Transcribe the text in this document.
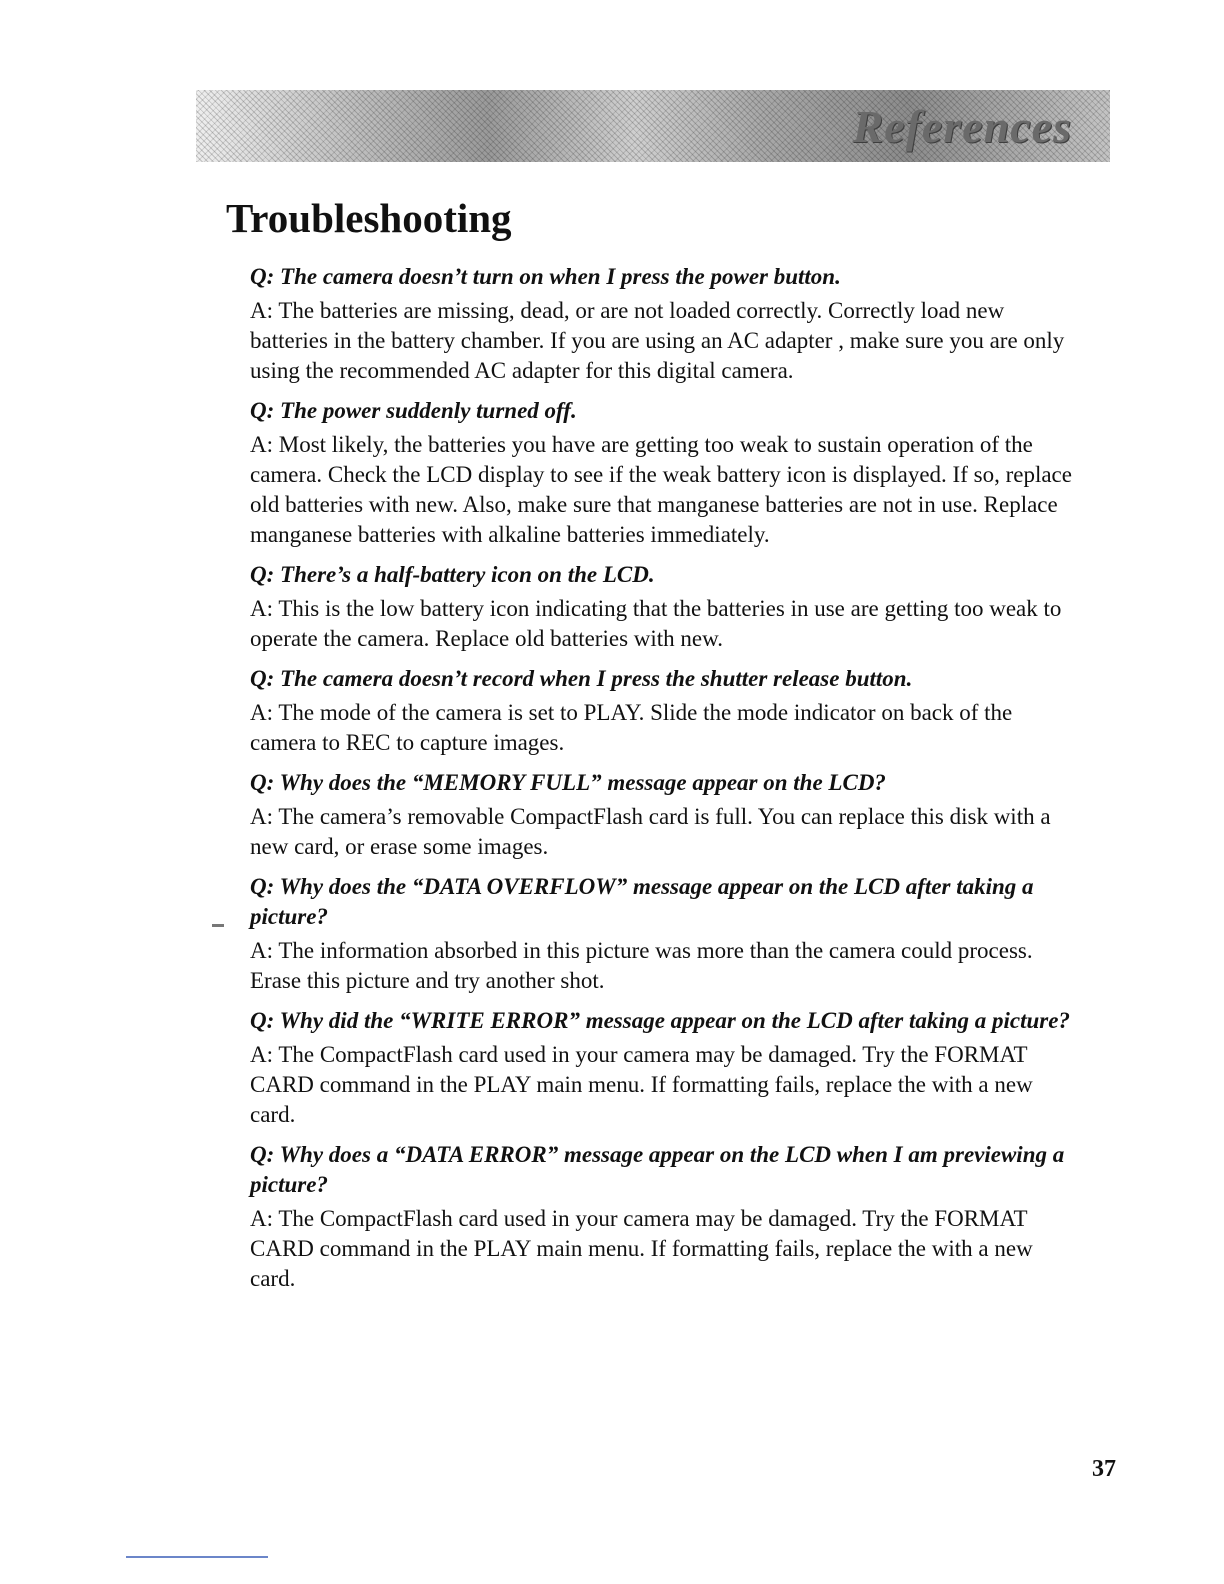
References
Troubleshooting

Q: The camera doesn’t turn on when I press the power button.

A: The batteries are missing, dead, or are not loaded correctly. Correctly load new batteries in the battery chamber. If you are using an AC adapter , make sure you are only using the recommended AC adapter for this digital camera.

Q: The power suddenly turned off.

A: Most likely, the batteries you have are getting too weak to sustain operation of the camera. Check the LCD display to see if the weak battery icon is displayed. If so, replace old batteries with new. Also, make sure that manganese batteries are not in use. Replace manganese batteries with alkaline batteries immediately.

Q: There’s a half-battery icon on the LCD.

A: This is the low battery icon indicating that the batteries in use are getting too weak to operate the camera. Replace old batteries with new.

Q: The camera doesn’t record when I press the shutter release button.

A: The mode of the camera is set to PLAY. Slide the mode indicator on back of the camera to REC to capture images.

Q: Why does the “MEMORY FULL” message appear on the LCD?

A: The camera’s removable CompactFlash card is full. You can replace this disk with a new card, or erase some images.

Q: Why does the “DATA OVERFLOW” message appear on the LCD after taking a picture?

A: The information absorbed in this picture was more than the camera could process. Erase this picture and try another shot.

Q: Why did the “WRITE ERROR” message appear on the LCD after taking a picture?

A: The CompactFlash card used in your camera may be damaged. Try the FORMAT CARD command in the PLAY main menu. If formatting fails, replace the with a new card.

Q: Why does a “DATA ERROR” message appear on the LCD when I am previewing a picture?

A: The CompactFlash card used in your camera may be damaged. Try the FORMAT CARD command in the PLAY main menu. If formatting fails, replace the with a new card.

37
